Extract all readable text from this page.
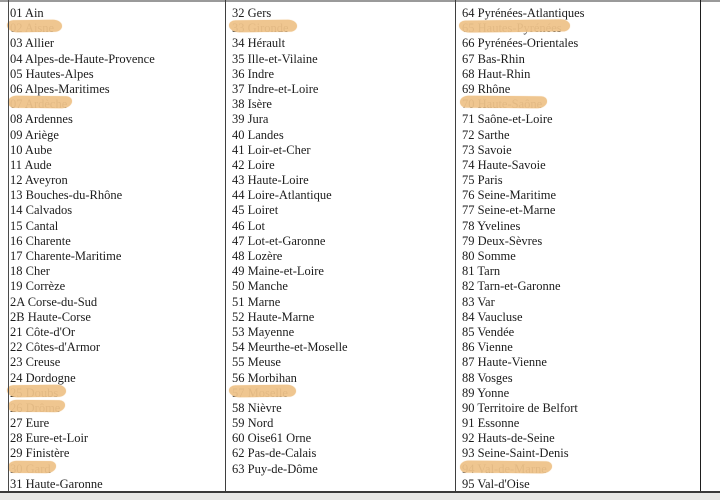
01 Ain
03 Allier
04 Alpes-de-Haute-Provence
05 Hautes-Alpes
06 Alpes-Maritimes
08 Ardennes
09 Ariège
10 Aube
11 Aude
12 Aveyron
13 Bouches-du-Rhône
14 Calvados
15 Cantal
16 Charente
17 Charente-Maritime
18 Cher
19 Corrèze
2A Corse-du-Sud
2B Haute-Corse
21 Côte-d'Or
22 Côtes-d'Armor
23 Creuse
24 Dordogne
27 Eure
28 Eure-et-Loir
29 Finistère
31 Haute-Garonne
32 Gers
34 Hérault
35 Ille-et-Vilaine
36 Indre
37 Indre-et-Loire
38 Isère
39 Jura
40 Landes
41 Loir-et-Cher
42 Loire
43 Haute-Loire
44 Loire-Atlantique
45 Loiret
46 Lot
47 Lot-et-Garonne
48 Lozère
49 Maine-et-Loire
50 Manche
51 Marne
52 Haute-Marne
53 Mayenne
54 Meurthe-et-Moselle
55 Meuse
56 Morbihan
58 Nièvre
59 Nord
60 Oise61 Orne
62 Pas-de-Calais
63 Puy-de-Dôme
64 Pyrénées-Atlantiques
66 Pyrénées-Orientales
67 Bas-Rhin
68 Haut-Rhin
69 Rhône
71 Saône-et-Loire
72 Sarthe
73 Savoie
74 Haute-Savoie
75 Paris
76 Seine-Maritime
77 Seine-et-Marne
78 Yvelines
79 Deux-Sèvres
80 Somme
81 Tarn
82 Tarn-et-Garonne
83 Var
84 Vaucluse
85 Vendée
86 Vienne
87 Haute-Vienne
88 Vosges
89 Yonne
90 Territoire de Belfort
91 Essonne
92 Hauts-de-Seine
93 Seine-Saint-Denis
95 Val-d'Oise
